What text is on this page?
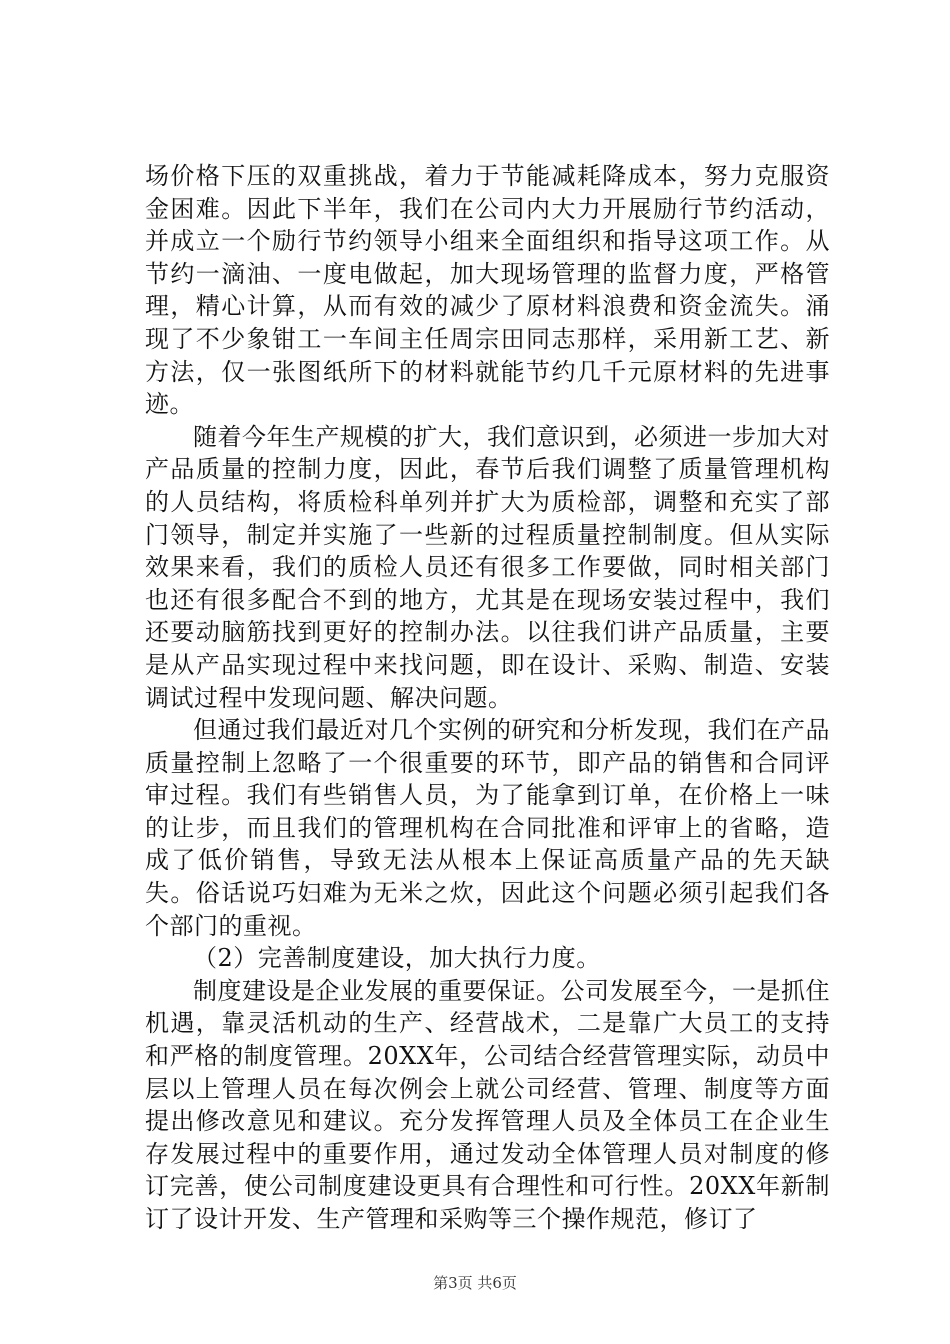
场价格下压的双重挑战，着力于节能减耗降成本，努力克服资金困难。因此下半年，我们在公司内大力开展励行节约活动，并成立一个励行节约领导小组来全面组织和指导这项工作。从节约一滴油、一度电做起，加大现场管理的监督力度，严格管理，精心计算，从而有效的减少了原材料浪费和资金流失。涌现了不少象钳工一车间主任周宗田同志那样，采用新工艺、新方法，仅一张图纸所下的材料就能节约几千元原材料的先进事迹。

随着今年生产规模的扩大，我们意识到，必须进一步加大对产品质量的控制力度，因此，春节后我们调整了质量管理机构的人员结构，将质检科单列并扩大为质检部，调整和充实了部门领导，制定并实施了一些新的过程质量控制制度。但从实际效果来看，我们的质检人员还有很多工作要做，同时相关部门也还有很多配合不到的地方，尤其是在现场安装过程中，我们还要动脑筋找到更好的控制办法。以往我们讲产品质量，主要是从产品实现过程中来找问题，即在设计、采购、制造、安装调试过程中发现问题、解决问题。

但通过我们最近对几个实例的研究和分析发现，我们在产品质量控制上忽略了一个很重要的环节，即产品的销售和合同评审过程。我们有些销售人员，为了能拿到订单，在价格上一味的让步，而且我们的管理机构在合同批准和评审上的省略，造成了低价销售，导致无法从根本上保证高质量产品的先天缺失。俗话说巧妇难为无米之炊，因此这个问题必须引起我们各个部门的重视。

（2）完善制度建设，加大执行力度。

制度建设是企业发展的重要保证。公司发展至今，一是抓住机遇，靠灵活机动的生产、经营战术，二是靠广大员工的支持和严格的制度管理。20XX年，公司结合经营管理实际，动员中层以上管理人员在每次例会上就公司经营、管理、制度等方面提出修改意见和建议。充分发挥管理人员及全体员工在企业生存发展过程中的重要作用，通过发动全体管理人员对制度的修订完善，使公司制度建设更具有合理性和可行性。20XX年新制订了设计开发、生产管理和采购等三个操作规范，修订了

第3页 共6页
